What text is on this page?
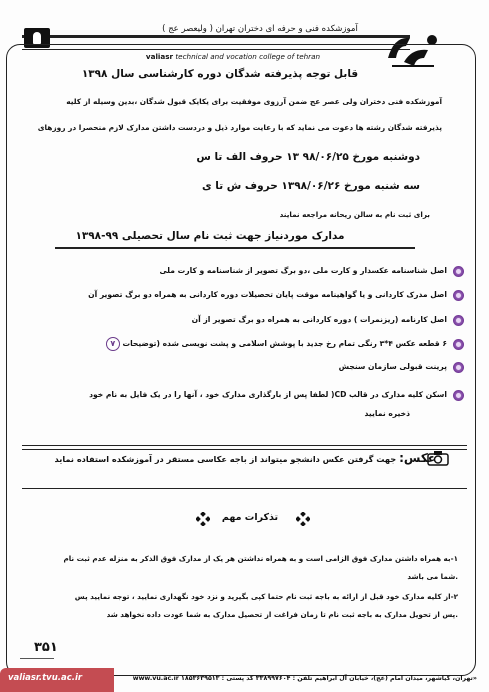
آموزشکده فنی و حرفه ای دختران تهران ( ولیعصر عج )
valiasr technical and vocation college of tehran
قابل توجه پذیرفته شدگان دوره کارشناسی سال ۱۳۹۸
آموزشکده فنی دختران ولی عصر عج ضمن آرزوی موفقیت برای یکایک قبول شدگان ،بدین وسیله از کلیه
پذیرفته شدگان رشته ها دعوت می نماید که با رعایت موارد ذیل و دردست داشتن مدارک لازم منحصرا در روزهای
دوشنبه مورخ ۹۸/۰۶/۲۵ ۱۳ حروف الف تا س
سه شنبه مورخ ۱۳۹۸/۰۶/۲۶ حروف ش تا ی
برای ثبت نام به سالن ریحانه مراجعه نمایند
مدارک موردنیاز جهت ثبت نام سال تحصیلی ۹۹-۱۳۹۸
اصل شناسنامه عکسدار و کارت ملی ،دو برگ تصویر از شناسنامه و کارت ملی
اصل مدرک کاردانی و یا گواهینامه موقت پایان تحصیلات دوره کاردانی به همراه دو برگ تصویر آن
اصل کارنامه (ریزنمرات ) دوره کاردانی به همراه دو برگ تصویر از آن
۶ قطعه عکس ۴*۳ رنگی تمام رخ جدید با پوشش اسلامی و پشت نویسی شده (توضیحات ۷
پرینت قبولی سازمان سنجش
اسکن کلیه مدارک در قالب CD( لطفا پس از بارگذاری مدارک خود ، آنها را در یک فایل به نام خود
ذخیره نمایید
عکس: جهت گرفتن عکس دانشجو میتواند از باجه عکاسی مستقر در آموزشکده استفاده نماید
تذکرات مهم
۱-به همراه داشتن مدارک فوق الزامی است و به همراه نداشتن هر یک از مدارک فوق الذکر به منزله عدم ثبت نام
.شما می باشد
۲-از کلیه مدارک خود قبل از ارائه به باجه ثبت نام حتما کپی بگیرید و نزد خود نگهداری نمایید ، توجه نمایید پس
.پس از تحویل مدارک به باجه ثبت نام تا زمان فراغت از تحصیل مدارک به شما عودت داده نخواهد شد
۳۵۱
valiasr.tvu.ac.ir	«تهران، کیاشهر، میدان امام (عج)، خیابان آل ابراهیم تلفن : ۳۳۸۹۹۷۶۰۴ کد پستی : ۱۸۵۳۶۳۹۵۱۳ www.vu.ac.ir
